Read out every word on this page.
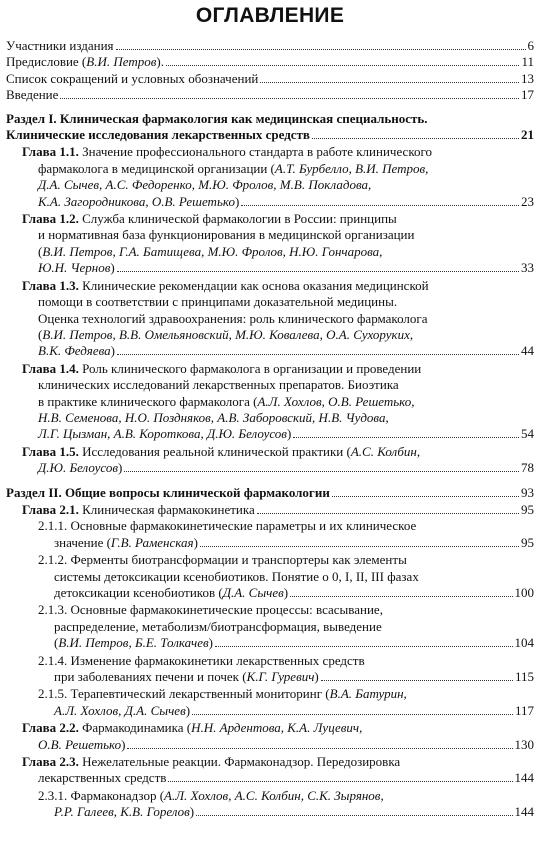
ОГЛАВЛЕНИЕ
Участники издания	6
Предисловие (В.И. Петров).	11
Список сокращений и условных обозначений	13
Введение	17
Раздел I. Клиническая фармакология как медицинская специальность.
Клинические исследования лекарственных средств	21
Глава 1.1. Значение профессионального стандарта в работе клинического
фармаколога в медицинской организации (А.Т. Бурбелло, В.И. Петров,
Д.А. Сычев, А.С. Федоренко, М.Ю. Фролов, М.В. Покладова,
К.А. Загородникова, О.В. Решетько)	23
Глава 1.2. Служба клинической фармакологии в России: принципы
и нормативная база функционирования в медицинской организации
(В.И. Петров, Г.А. Батищева, М.Ю. Фролов, Н.Ю. Гончарова,
Ю.Н. Чернов)	33
Глава 1.3. Клинические рекомендации как основа оказания медицинской
помощи в соответствии с принципами доказательной медицины.
Оценка технологий здравоохранения: роль клинического фармаколога
(В.И. Петров, В.В. Омельяновский, М.Ю. Ковалева, О.А. Сухоруких,
В.К. Федяева)	44
Глава 1.4. Роль клинического фармаколога в организации и проведении
клинических исследований лекарственных препаратов. Биоэтика
в практике клинического фармаколога (А.Л. Хохлов, О.В. Решетько,
Н.В. Семенова, Н.О. Поздняков, А.В. Заборовский, Н.В. Чудова,
Л.Г. Цызман, А.В. Короткова, Д.Ю. Белоусов)	54
Глава 1.5. Исследования реальной клинической практики (А.С. Колбин,
Д.Ю. Белоусов)	78
Раздел II. Общие вопросы клинической фармакологии	93
Глава 2.1. Клиническая фармакокинетика	95
2.1.1. Основные фармакокинетические параметры и их клиническое
значение (Г.В. Раменская)	95
2.1.2. Ферменты биотрансформации и транспортеры как элементы
системы детоксикации ксенобиотиков. Понятие о 0, I, II, III фазах
детоксикации ксенобиотиков (Д.А. Сычев)	100
2.1.3. Основные фармакокинетические процессы: всасывание,
распределение, метаболизм/биотрансформация, выведение
(В.И. Петров, Б.Е. Толкачев)	104
2.1.4. Изменение фармакокинетики лекарственных средств
при заболеваниях печени и почек (К.Г. Гуревич)	115
2.1.5. Терапевтический лекарственный мониторинг (В.А. Батурин,
А.Л. Хохлов, Д.А. Сычев)	117
Глава 2.2. Фармакодинамика (Н.Н. Ардентова, К.А. Луцевич,
О.В. Решетько)	130
Глава 2.3. Нежелательные реакции. Фармаконадзор. Передозировка
лекарственных средств	144
2.3.1. Фармаконадзор (А.Л. Хохлов, А.С. Колбин, С.К. Зырянов,
Р.Р. Галеев, К.В. Горелов)	144
